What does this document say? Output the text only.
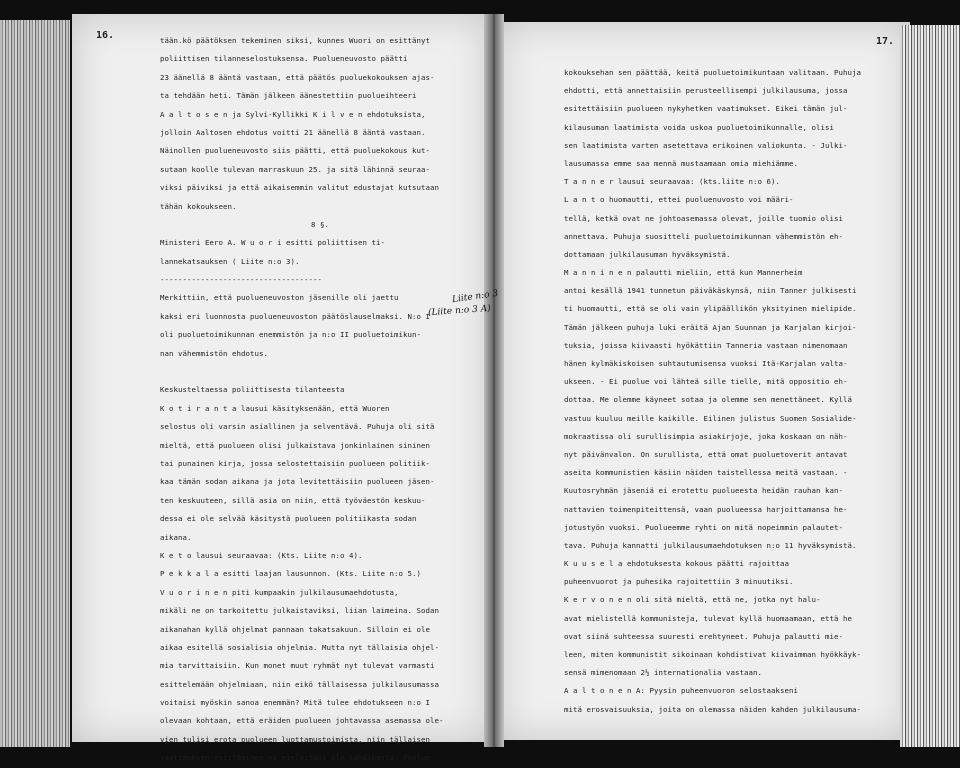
16.
17.
tään.kö päätöksen tekeminen siksi, kunnes Wuori on esittänyt
poliittisen tilanneselostuksensa. Puolueneuvosto päätti
23 äänellä 8 ääntä vastaan, että päätös puoluekokouksen ajas-
ta tehdään heti. Tämän jälkeen äänestettiin puolueihteeri
A a l t o s e n ja Sylvi-Kyllikki K i l v e n ehdotuksista,
jolloin Aaltosen ehdotus voitti 21 äänellä 8 ääntä vastaan.
Näinollen puolueneuvosto siis päätti, että puoluekokous kut-
sutaan koolle tulevan marraskuun 25. ja sitä lähinnä seuraa-
viksi päiviksi ja että aikaisemmin valitut edustajat kutsutaan
tähän kokoukseen.
8 §.
Ministeri Eero A. W u o r i esitti poliittisen ti-
lannekatsauksen ( Liite n:o 3).
------------------------------------
Merkittiin, että puolueneuvoston jäsenille oli jaettu
kaksi eri luonnosta puolueneuvoston päätöslauselmaksi. N:o I
oli puoluetoimikunnan enemmistön ja n:o II puoluetoimikun-
nan vähemmistön ehdotus.

Keskusteltaessa poliittisesta tilanteesta
K o t i r a n t a lausui käsityksenään, että Wuoren
selostus oli varsin asiallinen ja selventävä. Puhuja oli sitä
mieltä, että puolueen olisi julkaistava jonkinlainen sininen
tai punainen kirja, jossa selostettaisiin puolueen politiik-
kaa tämän sodan aikana ja jota levitettäisiin puolueen jäsen-
ten keskuuteen, sillä asia on niin, että työväestön keskuu-
dessa ei ole selvää käsitystä puolueen politiikasta sodan
aikana.
K e t o lausui seuraavaa: (Kts. Liite n:o 4).
P e k k a l a esitti laajan lausunnon. (Kts. Liite n:o 5.)
V u o r i n e n piti kumpaakin julkilausumaehdotusta,
mikäli ne on tarkoitettu julkaistaviksi, liian laimeina. Sodan
aikanahan kyllä ohjelmat pannaan takatsakuun. Silloin ei ole
aikaa esitellä sosialisia ohjelmia. Mutta nyt tällaisia ohjel-
mia tarvittaisiin. Kun monet muut ryhmät nyt tulevat varmasti
esittelemään ohjelmiaan, niin eikö tällaisessa julkilausumassa
voitaisi myöskin sanoa enemmän? Mitä tulee ehdotukseen n:o I
olevaan kohtaan, että eräiden puolueen johtavassa asemassa ole-
vien tulisi erota puolueen luottamustoimista, niin tällaisen
vaatimuksen esittäminen ei mielestäni ole tahdikasta. Puolue-
kokouksehan sen päättää, keitä puoluetoimikuntaan valitaan. Puhuja
ehdotti, että annettaisiin perusteellisempi julkilausuma, jossa
esitettäisiin puolueen nykyhetken vaatimukset. Eikei tämän jul-
kilausuman laatimista voida uskoa puoluetoimikunnalle, olisi
sen laatimista varten asetettava erikoinen valiokunta. - Julki-
lausumassa emme saa mennä mustaamaan omia miehiämme.
T a n n e r lausui seuraavaa: (kts.liite n:o 6).
L a n t o huomautti, ettei puoluenuvosto voi määri-
tellä, ketkä ovat ne johtoasemassa olevat, joille tuomio olisi
annettava. Puhuja suositteli puoluetoimikunnan vähemmistön eh-
dottamaan julkilausuman hyväksymistä.
M a n n i n e n palautti mieliin, että kun Mannerheim
antoi kesällä 1941 tunnetun päiväkäskynsä, niin Tanner julkisesti
ti huomautti, että se oli vain ylipäällikön yksityinen mielipide.
Tämän jälkeen puhuja luki eräitä Ajan Suunnan ja Karjalan kirjoi-
tuksia, joissa kiivaasti hyökättiin Tanneria vastaan nimenomaan
hänen kylmäkiskoisen suhtautumisensa vuoksi Itä-Karjalan valta-
ukseen. - Ei puolue voi lähteä sille tielle, mitä oppositio eh-
dottaa. Me olemme käyneet sotaa ja olemme sen menettäneet. Kyllä
vastuu kuuluu meille kaikille. Eilinen julistus Suomen Sosialide-
mokraatissa oli surullisimpia asiakirjoje, joka koskaan on näh-
nyt päivänvalon. On surullista, että omat puoluetoverit antavat
aseita kommunistien käsiin näiden taistellessa meitä vastaan. -
Kuutosryhmän jäseniä ei erotettu puolueesta heidän rauhan kan-
nattavien toimenpiteittensä, vaan puolueessa harjoittamansa he-
jotustyön vuoksi. Puolueemme ryhti on mitä nopeimmin palautet-
tava. Puhuja kannatti julkilausumaehdotuksen n:o 11 hyväksymistä.
K u u s e l a ehdotuksesta kokous päätti rajoittaa
puheenvuorot ja puhesika rajoitettiin 3 minuutiksi.
K e r v o n e n oli sitä mieltä, että ne, jotka nyt halu-
avat mielistellä kommunisteja, tulevat kyllä huomaamaan, että he
ovat siinä suhteessa suuresti erehtyneet. Puhuja palautti mie-
leen, miten kommunistit sikoinaan kohdistivat kiivaimman hyökkäyk-
sensä mimenomaan 2½ internationalia vastaan.
A a l t o n e n A: Pyysin puheenvuoron selostaakseni
mitä erosvaisuuksia, joita on olemassa näiden kahden julkilausuma-
Liite n:o 3
(Liite n:o 3 A)
